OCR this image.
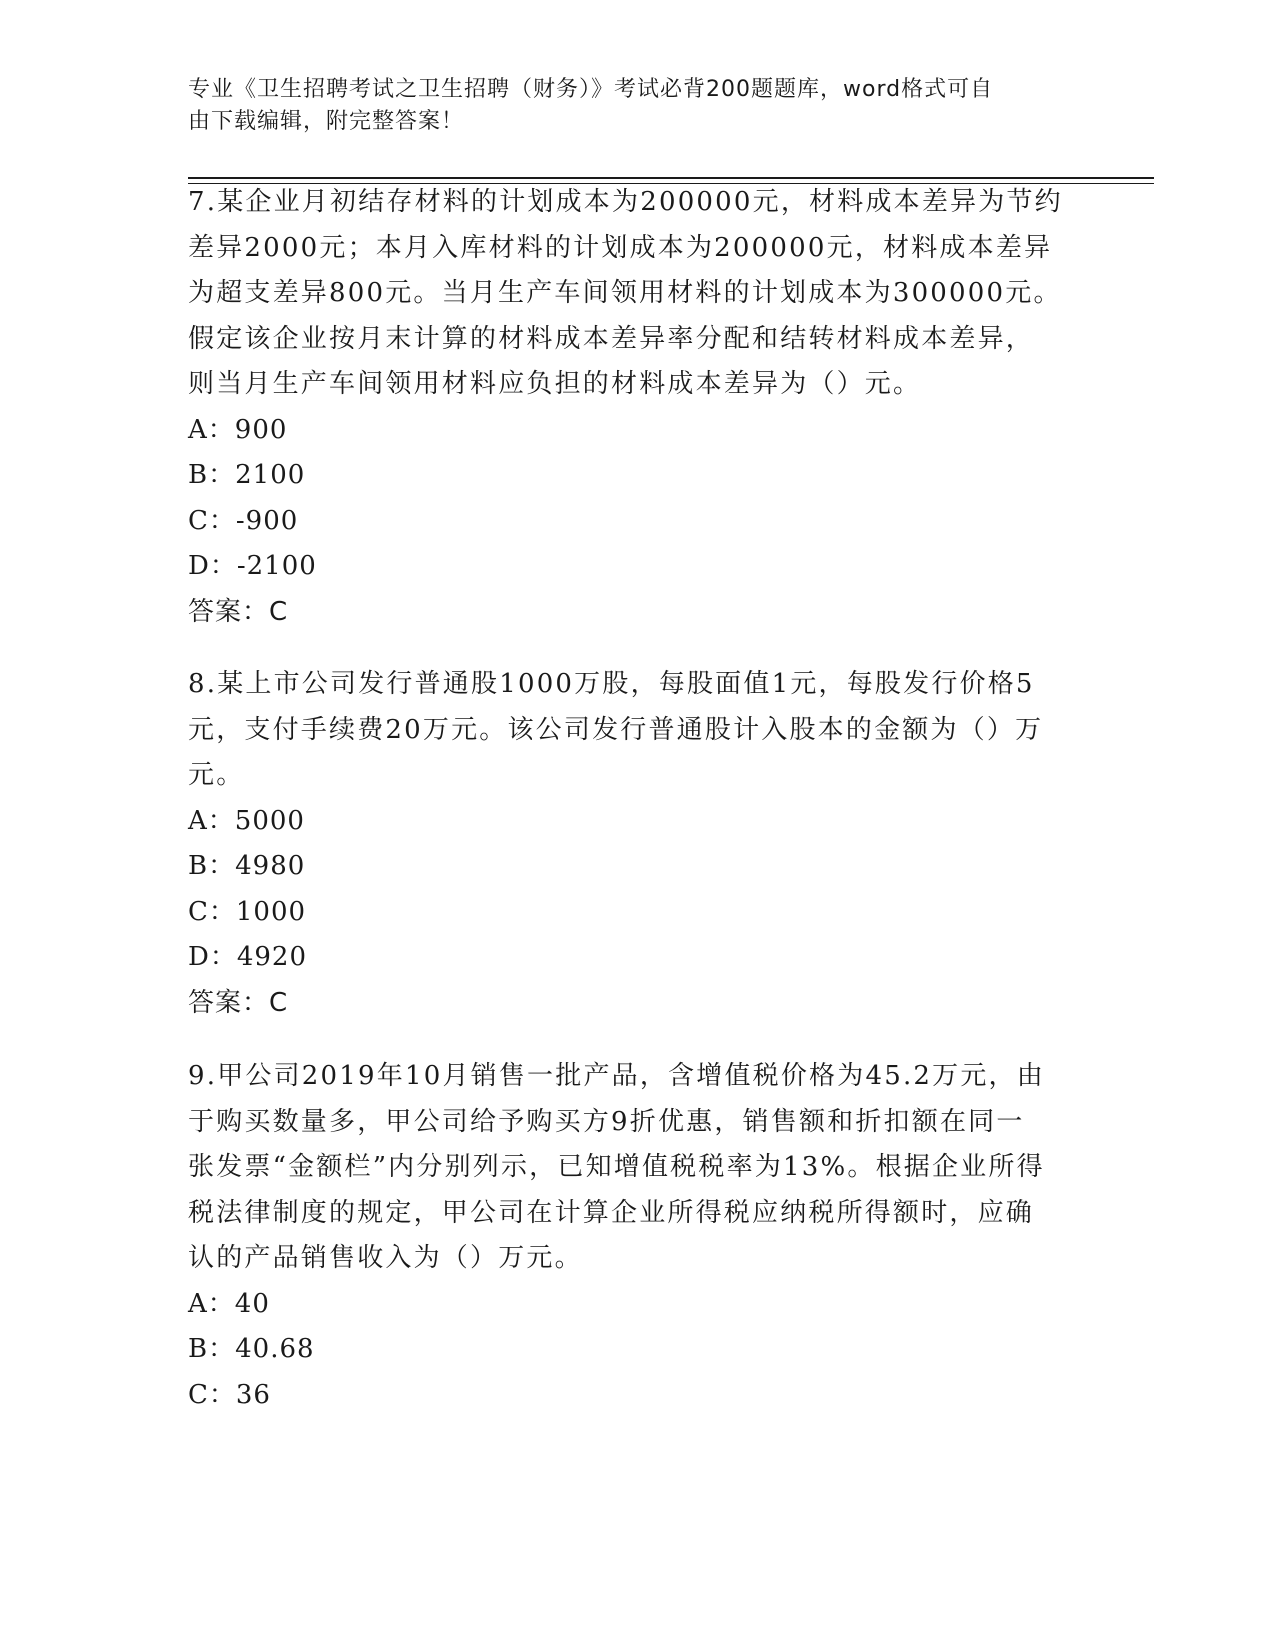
专业《卫生招聘考试之卫生招聘（财务）》考试必背200题题库，word格式可自
由下载编辑，附完整答案！

7.某企业月初结存材料的计划成本为200000元，材料成本差异为节约

差异2000元；本月入库材料的计划成本为200000元，材料成本差异

为超支差异800元。当月生产车间领用材料的计划成本为300000元。

假定该企业按月末计算的材料成本差异率分配和结转材料成本差异，

则当月生产车间领用材料应负担的材料成本差异为（）元。

A：900

B：2100

C：-900

D：-2100

答案：C

8.某上市公司发行普通股1000万股，每股面值1元，每股发行价格5

元，支付手续费20万元。该公司发行普通股计入股本的金额为（）万

元。

A：5000

B：4980

C：1000

D：4920

答案：C

9.甲公司2019年10月销售一批产品，含增值税价格为45.2万元，由

于购买数量多，甲公司给予购买方9折优惠，销售额和折扣额在同一

张发票“金额栏”内分别列示，已知增值税税率为13%。根据企业所得

税法律制度的规定，甲公司在计算企业所得税应纳税所得额时，应确

认的产品销售收入为（）万元。

A：40

B：40.68

C：36
